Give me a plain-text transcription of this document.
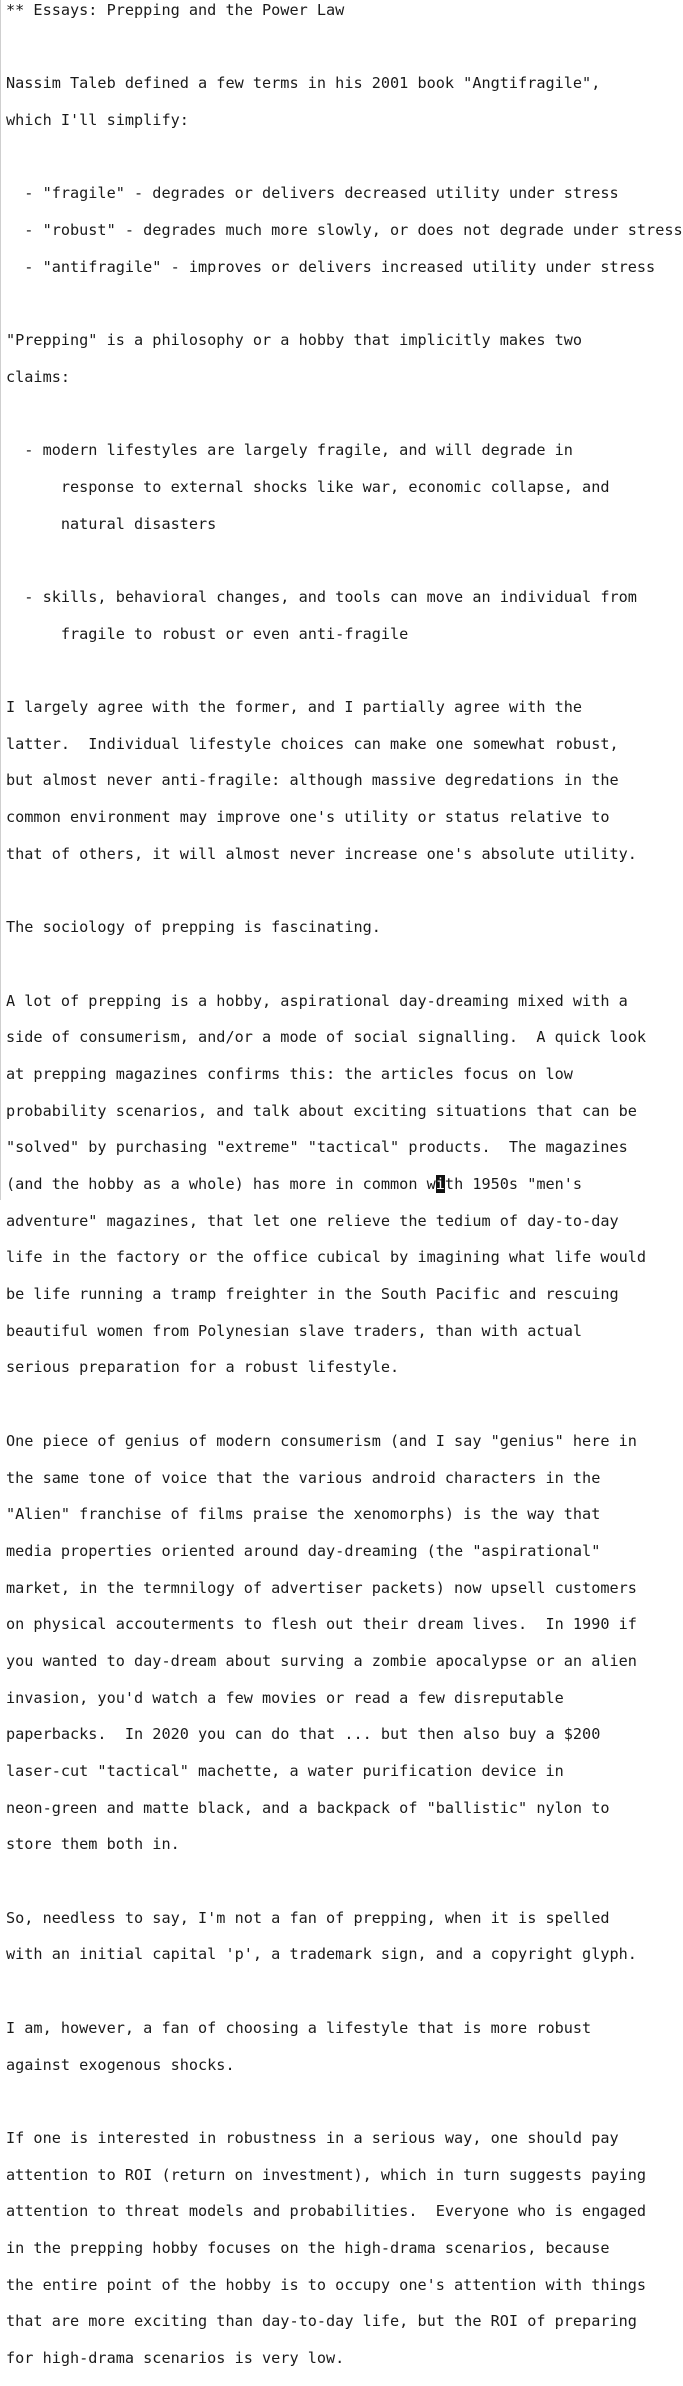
** Essays: Prepping and the Power Law

Nassim Taleb defined a few terms in his 2001 book "Angtifragile",

which I'll simplify:

- "fragile" - degrades or delivers decreased utility under stress

- "robust" - degrades much more slowly, or does not degrade under stress

- "antifragile" - improves or delivers increased utility under stress

"Prepping" is a philosophy or a hobby that implicitly makes two

claims:

- modern lifestyles are largely fragile, and will degrade in

response to external shocks like war, economic collapse, and

natural disasters

- skills, behavioral changes, and tools can move an individual from

fragile to robust or even anti-fragile

I largely agree with the former, and I partially agree with the

latter.  Individual lifestyle choices can make one somewhat robust,

but almost never anti-fragile: although massive degredations in the

common environment may improve one's utility or status relative to

that of others, it will almost never increase one's absolute utility.

The sociology of prepping is fascinating.

A lot of prepping is a hobby, aspirational day-dreaming mixed with a

side of consumerism, and/or a mode of social signalling.  A quick look

at prepping magazines confirms this: the articles focus on low

probability scenarios, and talk about exciting situations that can be

"solved" by purchasing "extreme" "tactical" products.  The magazines

(and the hobby as a whole) has more in common with 1950s "men's

adventure" magazines, that let one relieve the tedium of day-to-day

life in the factory or the office cubical by imagining what life would

be life running a tramp freighter in the South Pacific and rescuing

beautiful women from Polynesian slave traders, than with actual

serious preparation for a robust lifestyle.

One piece of genius of modern consumerism (and I say "genius" here in

the same tone of voice that the various android characters in the

"Alien" franchise of films praise the xenomorphs) is the way that

media properties oriented around day-dreaming (the "aspirational"

market, in the termnilogy of advertiser packets) now upsell customers

on physical accouterments to flesh out their dream lives.  In 1990 if

you wanted to day-dream about surving a zombie apocalypse or an alien

invasion, you'd watch a few movies or read a few disreputable

paperbacks.  In 2020 you can do that ... but then also buy a $200

laser-cut "tactical" machette, a water purification device in

neon-green and matte black, and a backpack of "ballistic" nylon to

store them both in.

So, needless to say, I'm not a fan of prepping, when it is spelled

with an initial capital 'p', a trademark sign, and a copyright glyph.

I am, however, a fan of choosing a lifestyle that is more robust

against exogenous shocks.

If one is interested in robustness in a serious way, one should pay

attention to ROI (return on investment), which in turn suggests paying

attention to threat models and probabilities.  Everyone who is engaged

in the prepping hobby focuses on the high-drama scenarios, because

the entire point of the hobby is to occupy one's attention with things

that are more exciting than day-to-day life, but the ROI of preparing

for high-drama scenarios is very low.
